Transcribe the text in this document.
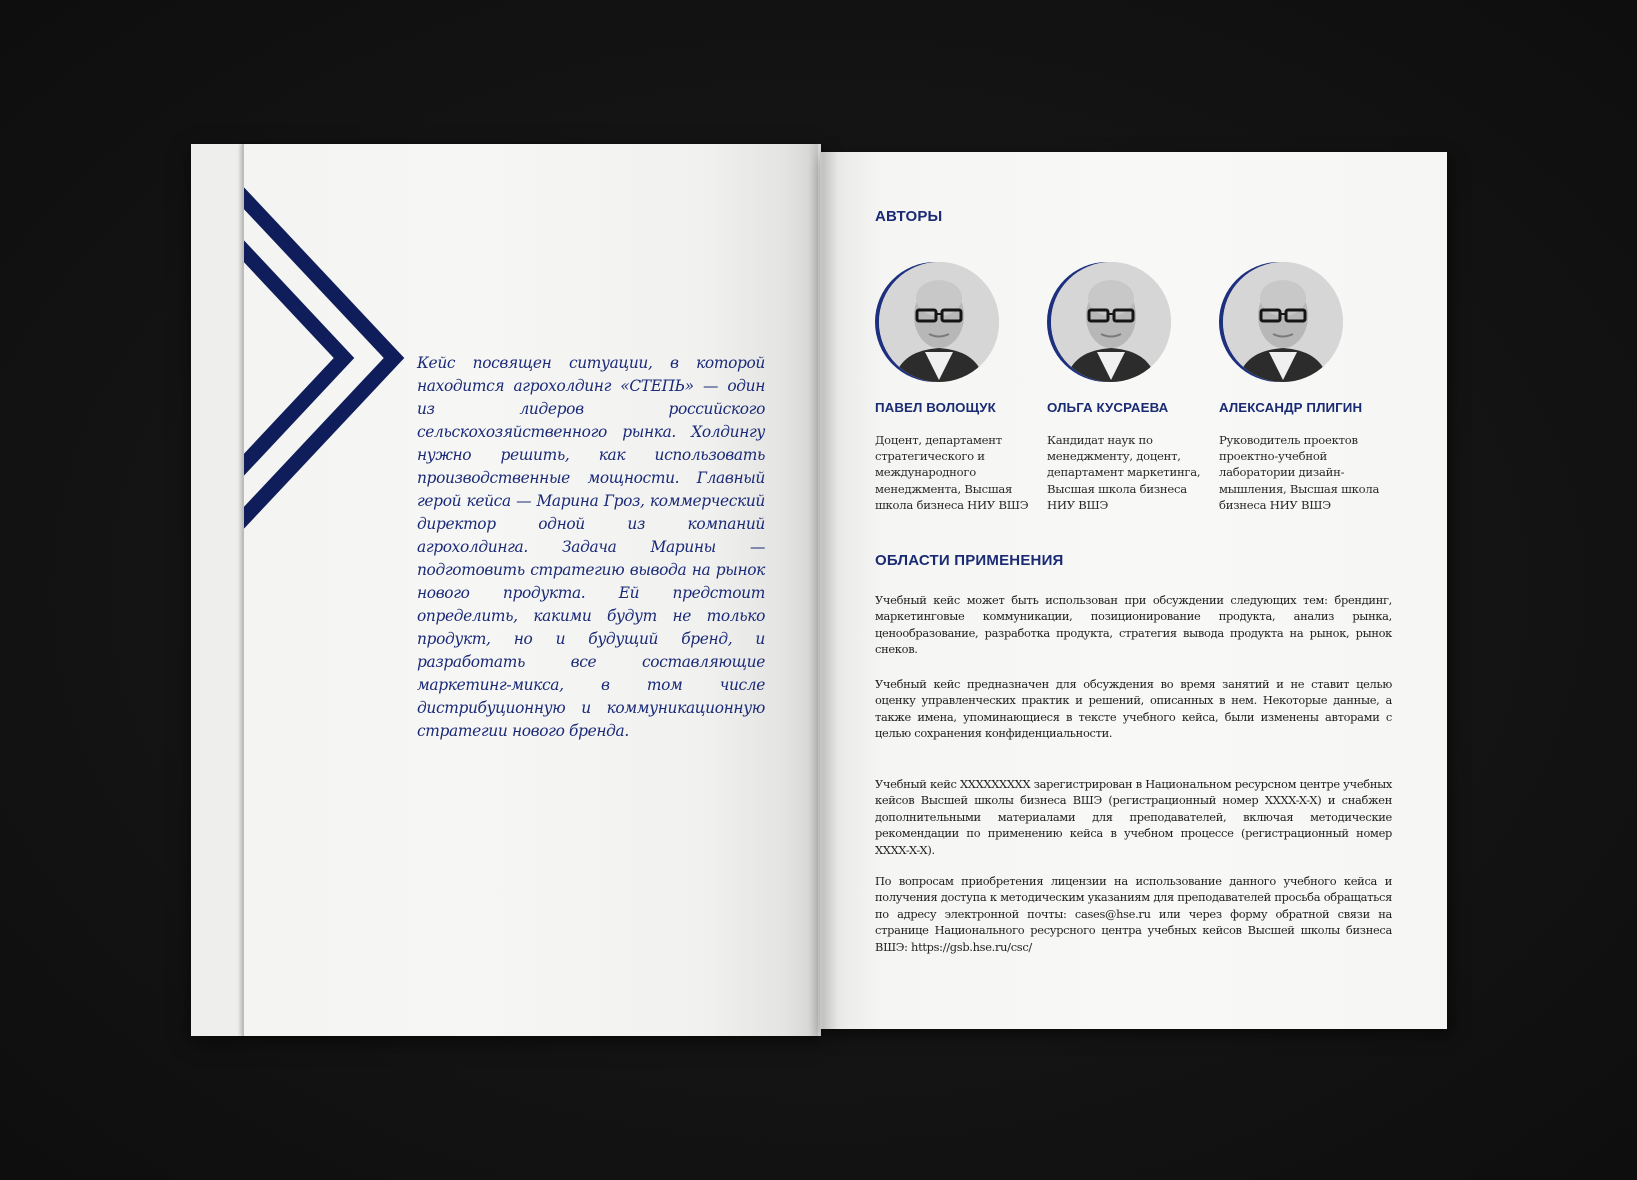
Кейс посвящен ситуации, в которой находится агрохолдинг «СТЕПЬ» — один из лидеров российского сельскохозяйственного рынка. Холдингу нужно решить, как использовать производственные мощности. Главный герой кейса — Марина Гроз, коммерческий директор одной из компаний агрохолдинга. Задача Марины — подготовить стратегию вывода на рынок нового продукта. Ей предстоит определить, какими будут не только продукт, но и будущий бренд, и разработать все составляющие маркетинг-микса, в том числе дистрибуционную и коммуникационную стратегии нового бренда.

АВТОРЫ
ПАВЕЛ ВОЛОЩУК
Доцент, департамент стратегического и международного менеджмента, Высшая школа бизнеса НИУ ВШЭ
ОЛЬГА КУСРАЕВА
Кандидат наук по менеджменту, доцент, департамент маркетинга, Высшая школа бизнеса НИУ ВШЭ
АЛЕКСАНДР ПЛИГИН
Руководитель проектов проектно-учебной лаборатории дизайн-мышления, Высшая школа бизнеса НИУ ВШЭ
ОБЛАСТИ ПРИМЕНЕНИЯ

Учебный кейс может быть использован при обсуждении следующих тем: брендинг, маркетинговые коммуникации, позиционирование продукта, анализ рынка, ценообразование, разработка продукта, стратегия вывода продукта на рынок, рынок снеков.

Учебный кейс предназначен для обсуждения во время занятий и не ставит целью оценку управленческих практик и решений, описанных в нем. Некоторые данные, а также имена, упоминающиеся в тексте учебного кейса, были изменены авторами с целью сохранения конфиденциальности.

Учебный кейс XXXXXXXXX зарегистрирован в Национальном ресурсном центре учебных кейсов Высшей школы бизнеса ВШЭ (регистрационный номер XXXX-X-X) и снабжен дополнительными материалами для преподавателей, включая методические рекомендации по применению кейса в учебном процессе (регистрационный номер XXXX-X-X).

По вопросам приобретения лицензии на использование данного учебного кейса и получения доступа к методическим указаниям для преподавателей просьба обращаться по адресу электронной почты: cases@hse.ru или через форму обратной связи на странице Национального ресурсного центра учебных кейсов Высшей школы бизнеса ВШЭ: https://gsb.hse.ru/csc/
